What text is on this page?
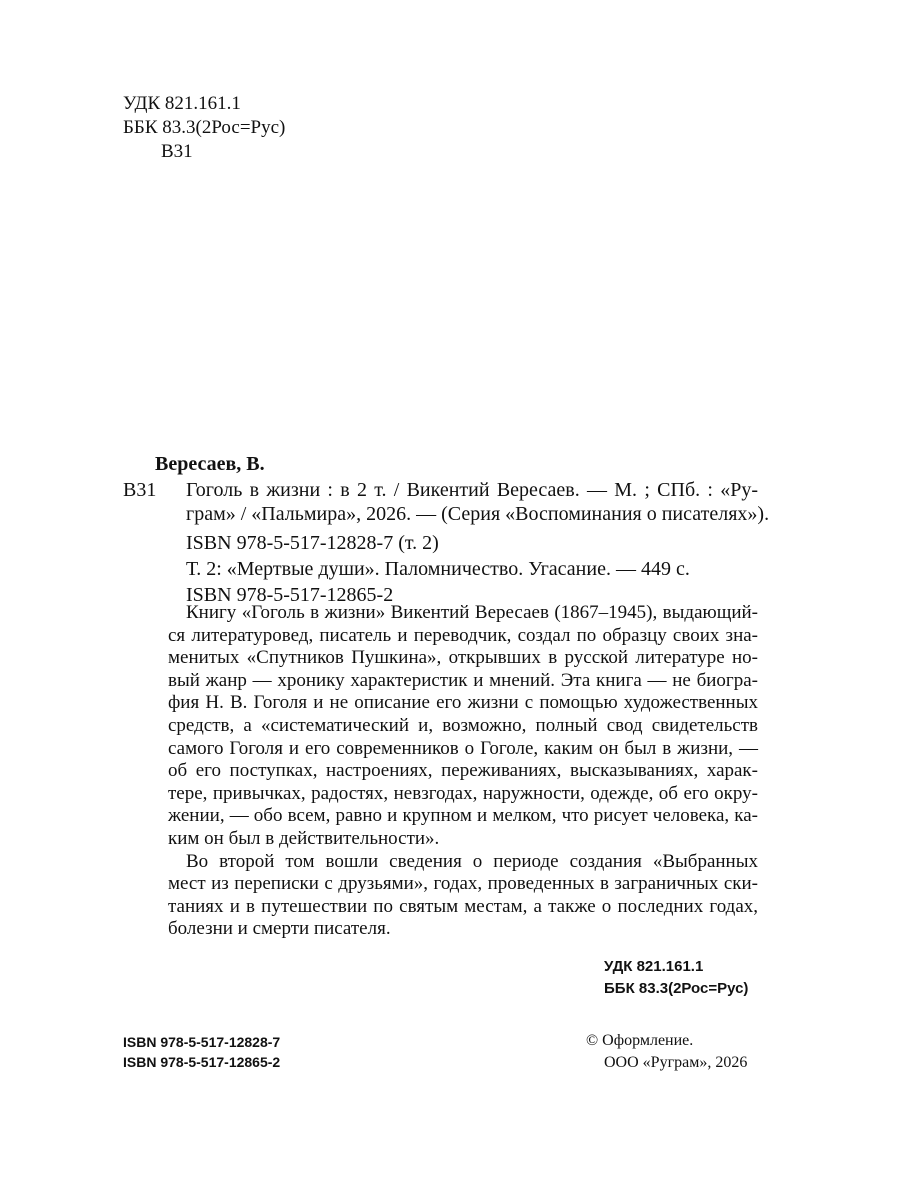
УДК 821.161.1
ББК 83.3(2Рос=Рус)
В31
Вересаев, В.
В31 Гоголь в жизни : в 2 т. / Викентий Вересаев. — М. ; СПб. : «Ру-
грам» / «Пальмира», 2026. — (Серия «Воспоминания о писателях»).
ISBN 978-5-517-12828-7 (т. 2)
Т. 2: «Мертвые души». Паломничество. Угасание. — 449 с.
ISBN 978-5-517-12865-2
Книгу «Гоголь в жизни» Викентий Вересаев (1867–1945), выдающий-
ся литературовед, писатель и переводчик, создал по образцу своих зна-
менитых «Спутников Пушкина», открывших в русской литературе но-
вый жанр — хронику характеристик и мнений. Эта книга — не биогра-
фия Н. В. Гоголя и не описание его жизни с помощью художественных
средств, а «систематический и, возможно, полный свод свидетельств
самого Гоголя и его современников о Гоголе, каким он был в жизни, —
об его поступках, настроениях, переживаниях, высказываниях, харак-
тере, привычках, радостях, невзгодах, наружности, одежде, об его окру-
жении, — обо всем, равно и крупном и мелком, что рисует человека, ка-
ким он был в действительности».
Во второй том вошли сведения о периоде создания «Выбранных
мест из переписки с друзьями», годах, проведенных в заграничных ски-
таниях и в путешествии по святым местам, а также о последних годах,
болезни и смерти писателя.
УДК 821.161.1
ББК 83.3(2Рос=Рус)
ISBN 978-5-517-12828-7
ISBN 978-5-517-12865-2
© Оформление.
ООО «Руграм», 2026
